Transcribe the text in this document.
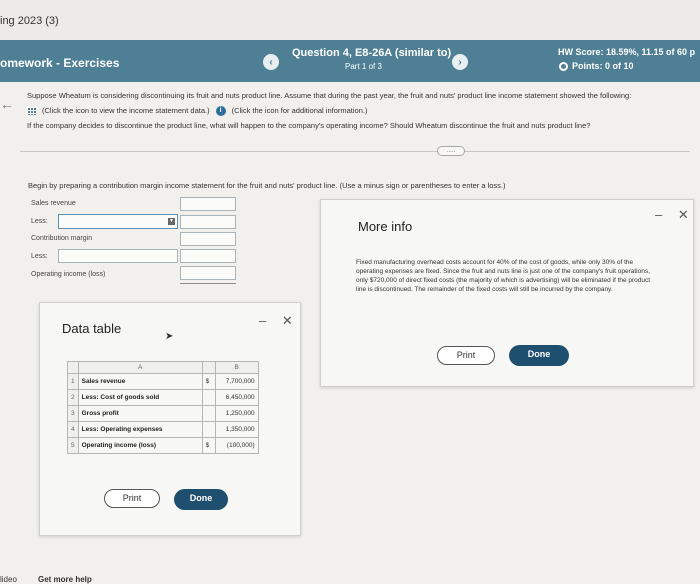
ing 2023 (3)
omework - Exercises	‹
Question 4, E8-26A (similar to)
Part 1 of 3	›
HW Score: 18.59%, 11.15 of 60 p
Points: 0 of 10
←
Suppose Wheatum is considering discontinuing its fruit and nuts product line. Assume that during the past year, the fruit and nuts' product line income statement showed the following:
(Click the icon to view the income statement data.)	i	(Click the icon for additional information.)
If the company decides to discontinue the product line, what will happen to the company's operating income? Should Wheatum discontinue the fruit and nuts product line?
.....
Begin by preparing a contribution margin income statement for the fruit and nuts' product line. (Use a minus sign or parentheses to enter a loss.)
Sales revenue
Less:	▼
Contribution margin
Less:
Operating income (loss)
– ✕
More info
Fixed manufacturing overhead costs account for 40% of the cost of goods, while only 30% of the operating expenses are fixed. Since the fruit and nuts line is just one of the company's fruit operations, only $720,000 of direct fixed costs (the majority of which is advertising) will be eliminated if the product line is discontinued. The remainder of the fixed costs will still be incurred by the company.
Print	Done
– ✕
Data table
➤
	A		B
1	Sales revenue	$	7,700,000
2	Less: Cost of goods sold		6,450,000
3	Gross profit		1,250,000
4	Less: Operating expenses		1,350,000
5	Operating income (loss)	$	(100,000)
Print	Done
lideo	Get more help
